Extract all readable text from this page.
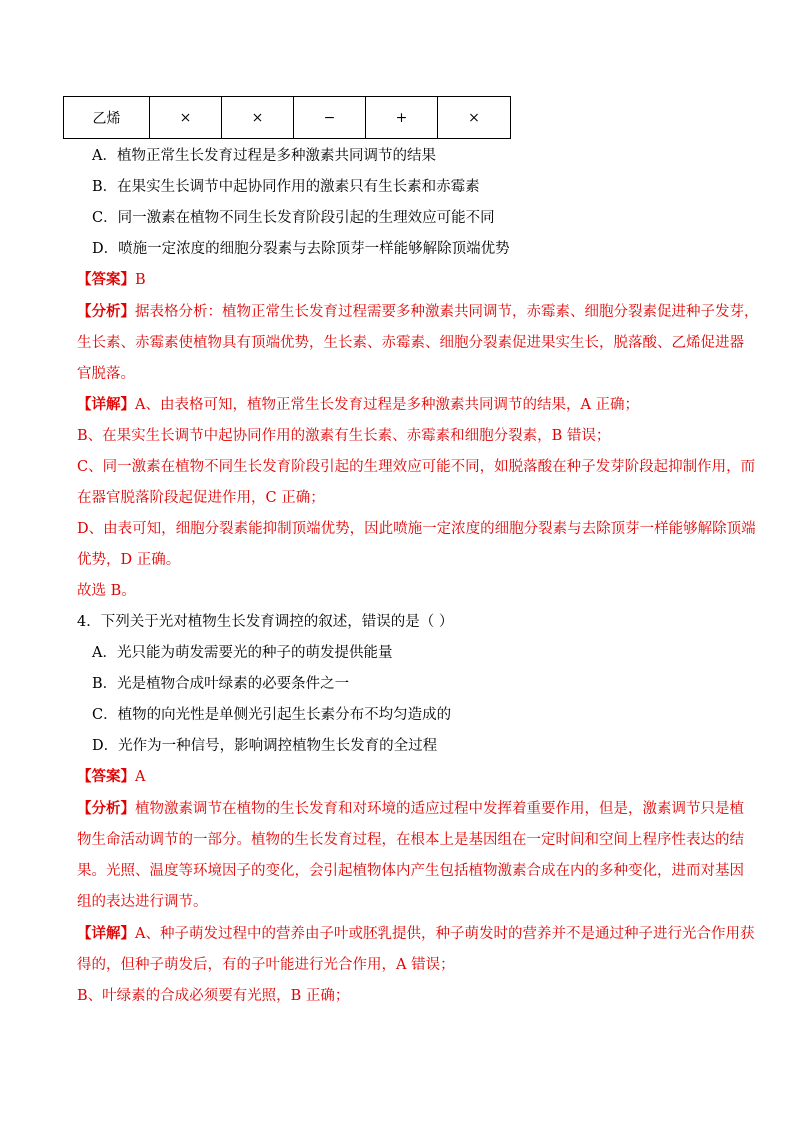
乙烯	×	×	−	+	×
A．植物正常生长发育过程是多种激素共同调节的结果
B．在果实生长调节中起协同作用的激素只有生长素和赤霉素
C．同一激素在植物不同生长发育阶段引起的生理效应可能不同
D．喷施一定浓度的细胞分裂素与去除顶芽一样能够解除顶端优势
【答案】B
【分析】据表格分析：植物正常生长发育过程需要多种激素共同调节，赤霉素、细胞分裂素促进种子发芽，
生长素、赤霉素使植物具有顶端优势，生长素、赤霉素、细胞分裂素促进果实生长，脱落酸、乙烯促进器
官脱落。
【详解】A、由表格可知，植物正常生长发育过程是多种激素共同调节的结果，A 正确；
B、在果实生长调节中起协同作用的激素有生长素、赤霉素和细胞分裂素，B 错误；
C、同一激素在植物不同生长发育阶段引起的生理效应可能不同，如脱落酸在种子发芽阶段起抑制作用，而
在器官脱落阶段起促进作用，C 正确；
D、由表可知，细胞分裂素能抑制顶端优势，因此喷施一定浓度的细胞分裂素与去除顶芽一样能够解除顶端
优势，D 正确。
故选 B。
4．下列关于光对植物生长发育调控的叙述，错误的是（ ）
A．光只能为萌发需要光的种子的萌发提供能量
B．光是植物合成叶绿素的必要条件之一
C．植物的向光性是单侧光引起生长素分布不均匀造成的
D．光作为一种信号，影响调控植物生长发育的全过程
【答案】A
【分析】植物激素调节在植物的生长发育和对环境的适应过程中发挥着重要作用，但是，激素调节只是植
物生命活动调节的一部分。植物的生长发育过程，在根本上是基因组在一定时间和空间上程序性表达的结
果。光照、温度等环境因子的变化，会引起植物体内产生包括植物激素合成在内的多种变化，进而对基因
组的表达进行调节。
【详解】A、种子萌发过程中的营养由子叶或胚乳提供，种子萌发时的营养并不是通过种子进行光合作用获
得的，但种子萌发后，有的子叶能进行光合作用，A 错误；
B、叶绿素的合成必须要有光照，B 正确；
